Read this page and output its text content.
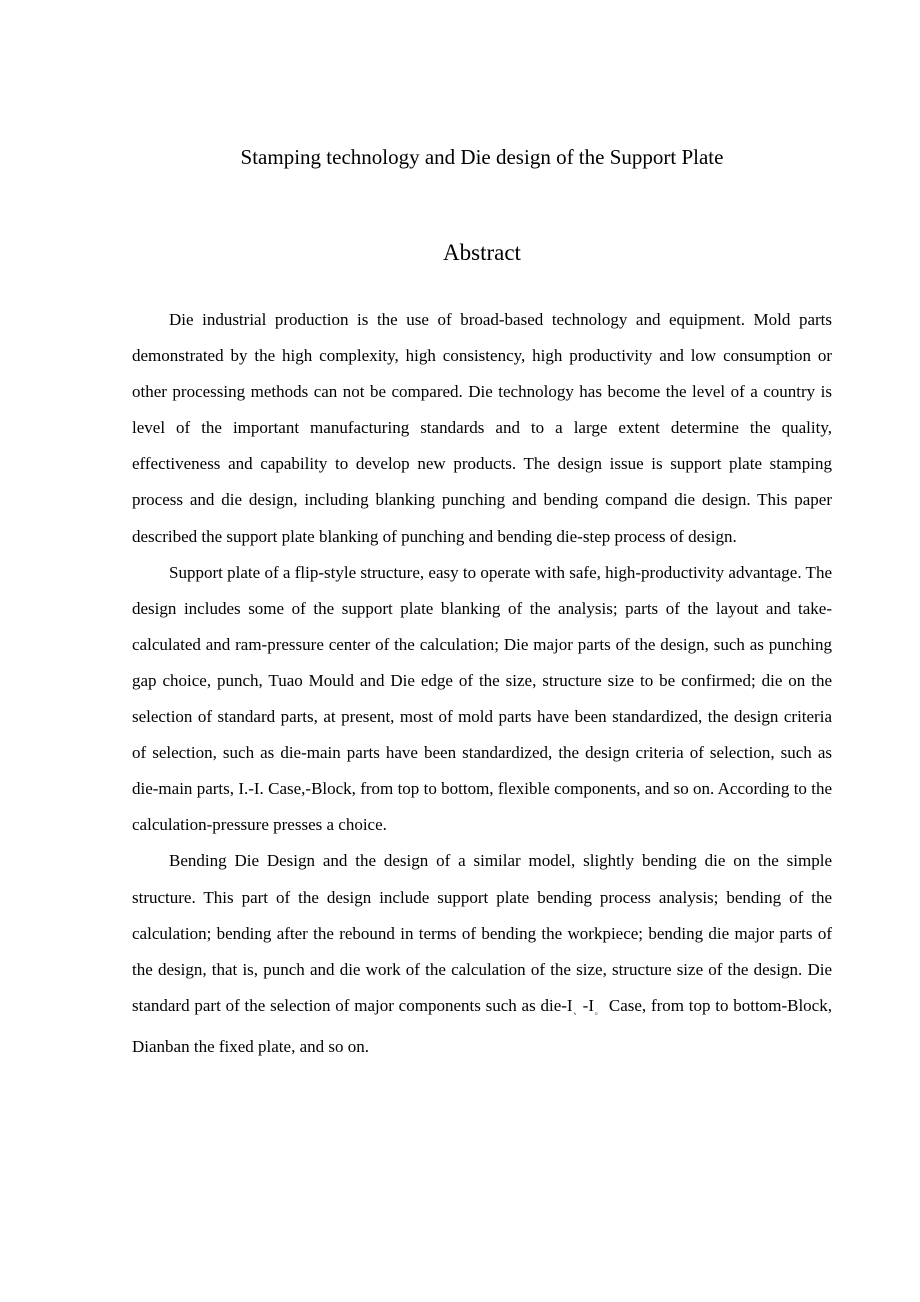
Stamping technology and Die design of the Support Plate
Abstract

Die industrial production is the use of broad-based technology and equipment. Mold parts demonstrated by the high complexity, high consistency, high productivity and low consumption or other processing methods can not be compared. Die technology has become the level of a country is level of the important manufacturing standards and to a large extent determine the quality, effectiveness and capability to develop new products. The design issue is support plate stamping process and die design, including blanking punching and bending compand die design. This paper described the support plate blanking of punching and bending die-step process of design.

Support plate of a flip-style structure, easy to operate with safe, high-productivity advantage. The design includes some of the support plate blanking of the analysis; parts of the layout and take-calculated and ram-pressure center of the calculation; Die major parts of the design, such as punching gap choice, punch, Tuao Mould and Die edge of the size, structure size to be confirmed; die on the selection of standard parts, at present, most of mold parts have been standardized, the design criteria of selection, such as die-main parts have been standardized, the design criteria of selection, such as die-main parts, I.-I. Case,-Block, from top to bottom, flexible components, and so on. According to the calculation-pressure presses a choice.

Bending Die Design and the design of a similar model, slightly bending die on the simple structure. This part of the design include support plate bending process analysis; bending of the calculation; bending after the rebound in terms of bending the workpiece; bending die major parts of the design, that is, punch and die work of the calculation of the size, structure size of the design. Die standard part of the selection of major components such as die-$I_、-I_。$ Case, from top to bottom-Block, Dianban the fixed plate, and so on.
